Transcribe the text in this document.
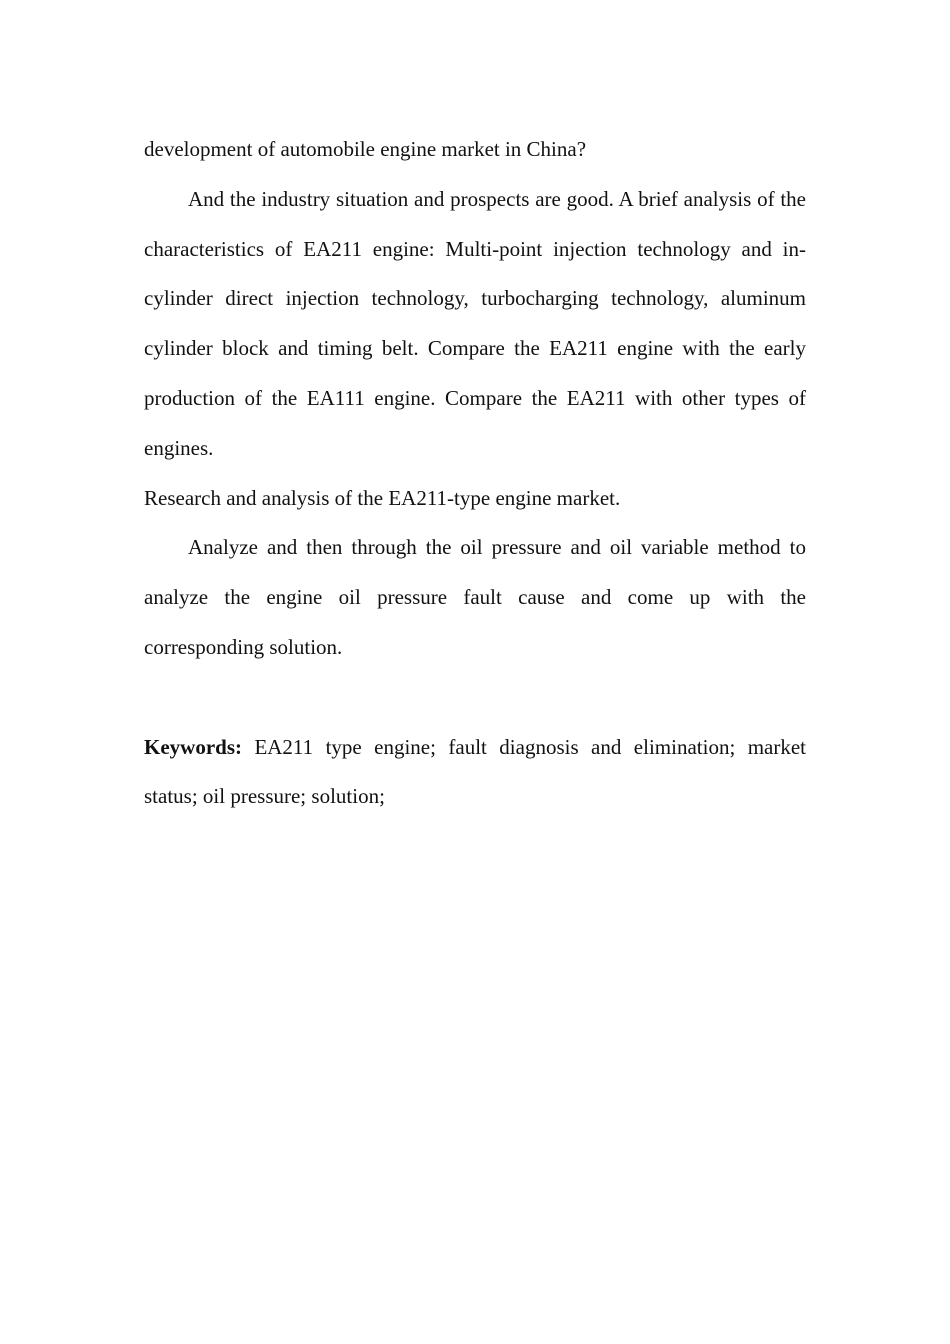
development of automobile engine market in China?

And the industry situation and prospects are good. A brief analysis of the characteristics of EA211 engine: Multi-point injection technology and in-cylinder direct injection technology, turbocharging technology, aluminum cylinder block and timing belt. Compare the EA211 engine with the early production of the EA111 engine. Compare the EA211 with other types of engines.

Research and analysis of the EA211-type engine market.

Analyze and then through the oil pressure and oil variable method to analyze the engine oil pressure fault cause and come up with the corresponding solution.

Keywords: EA211 type engine; fault diagnosis and elimination; market status; oil pressure; solution;
